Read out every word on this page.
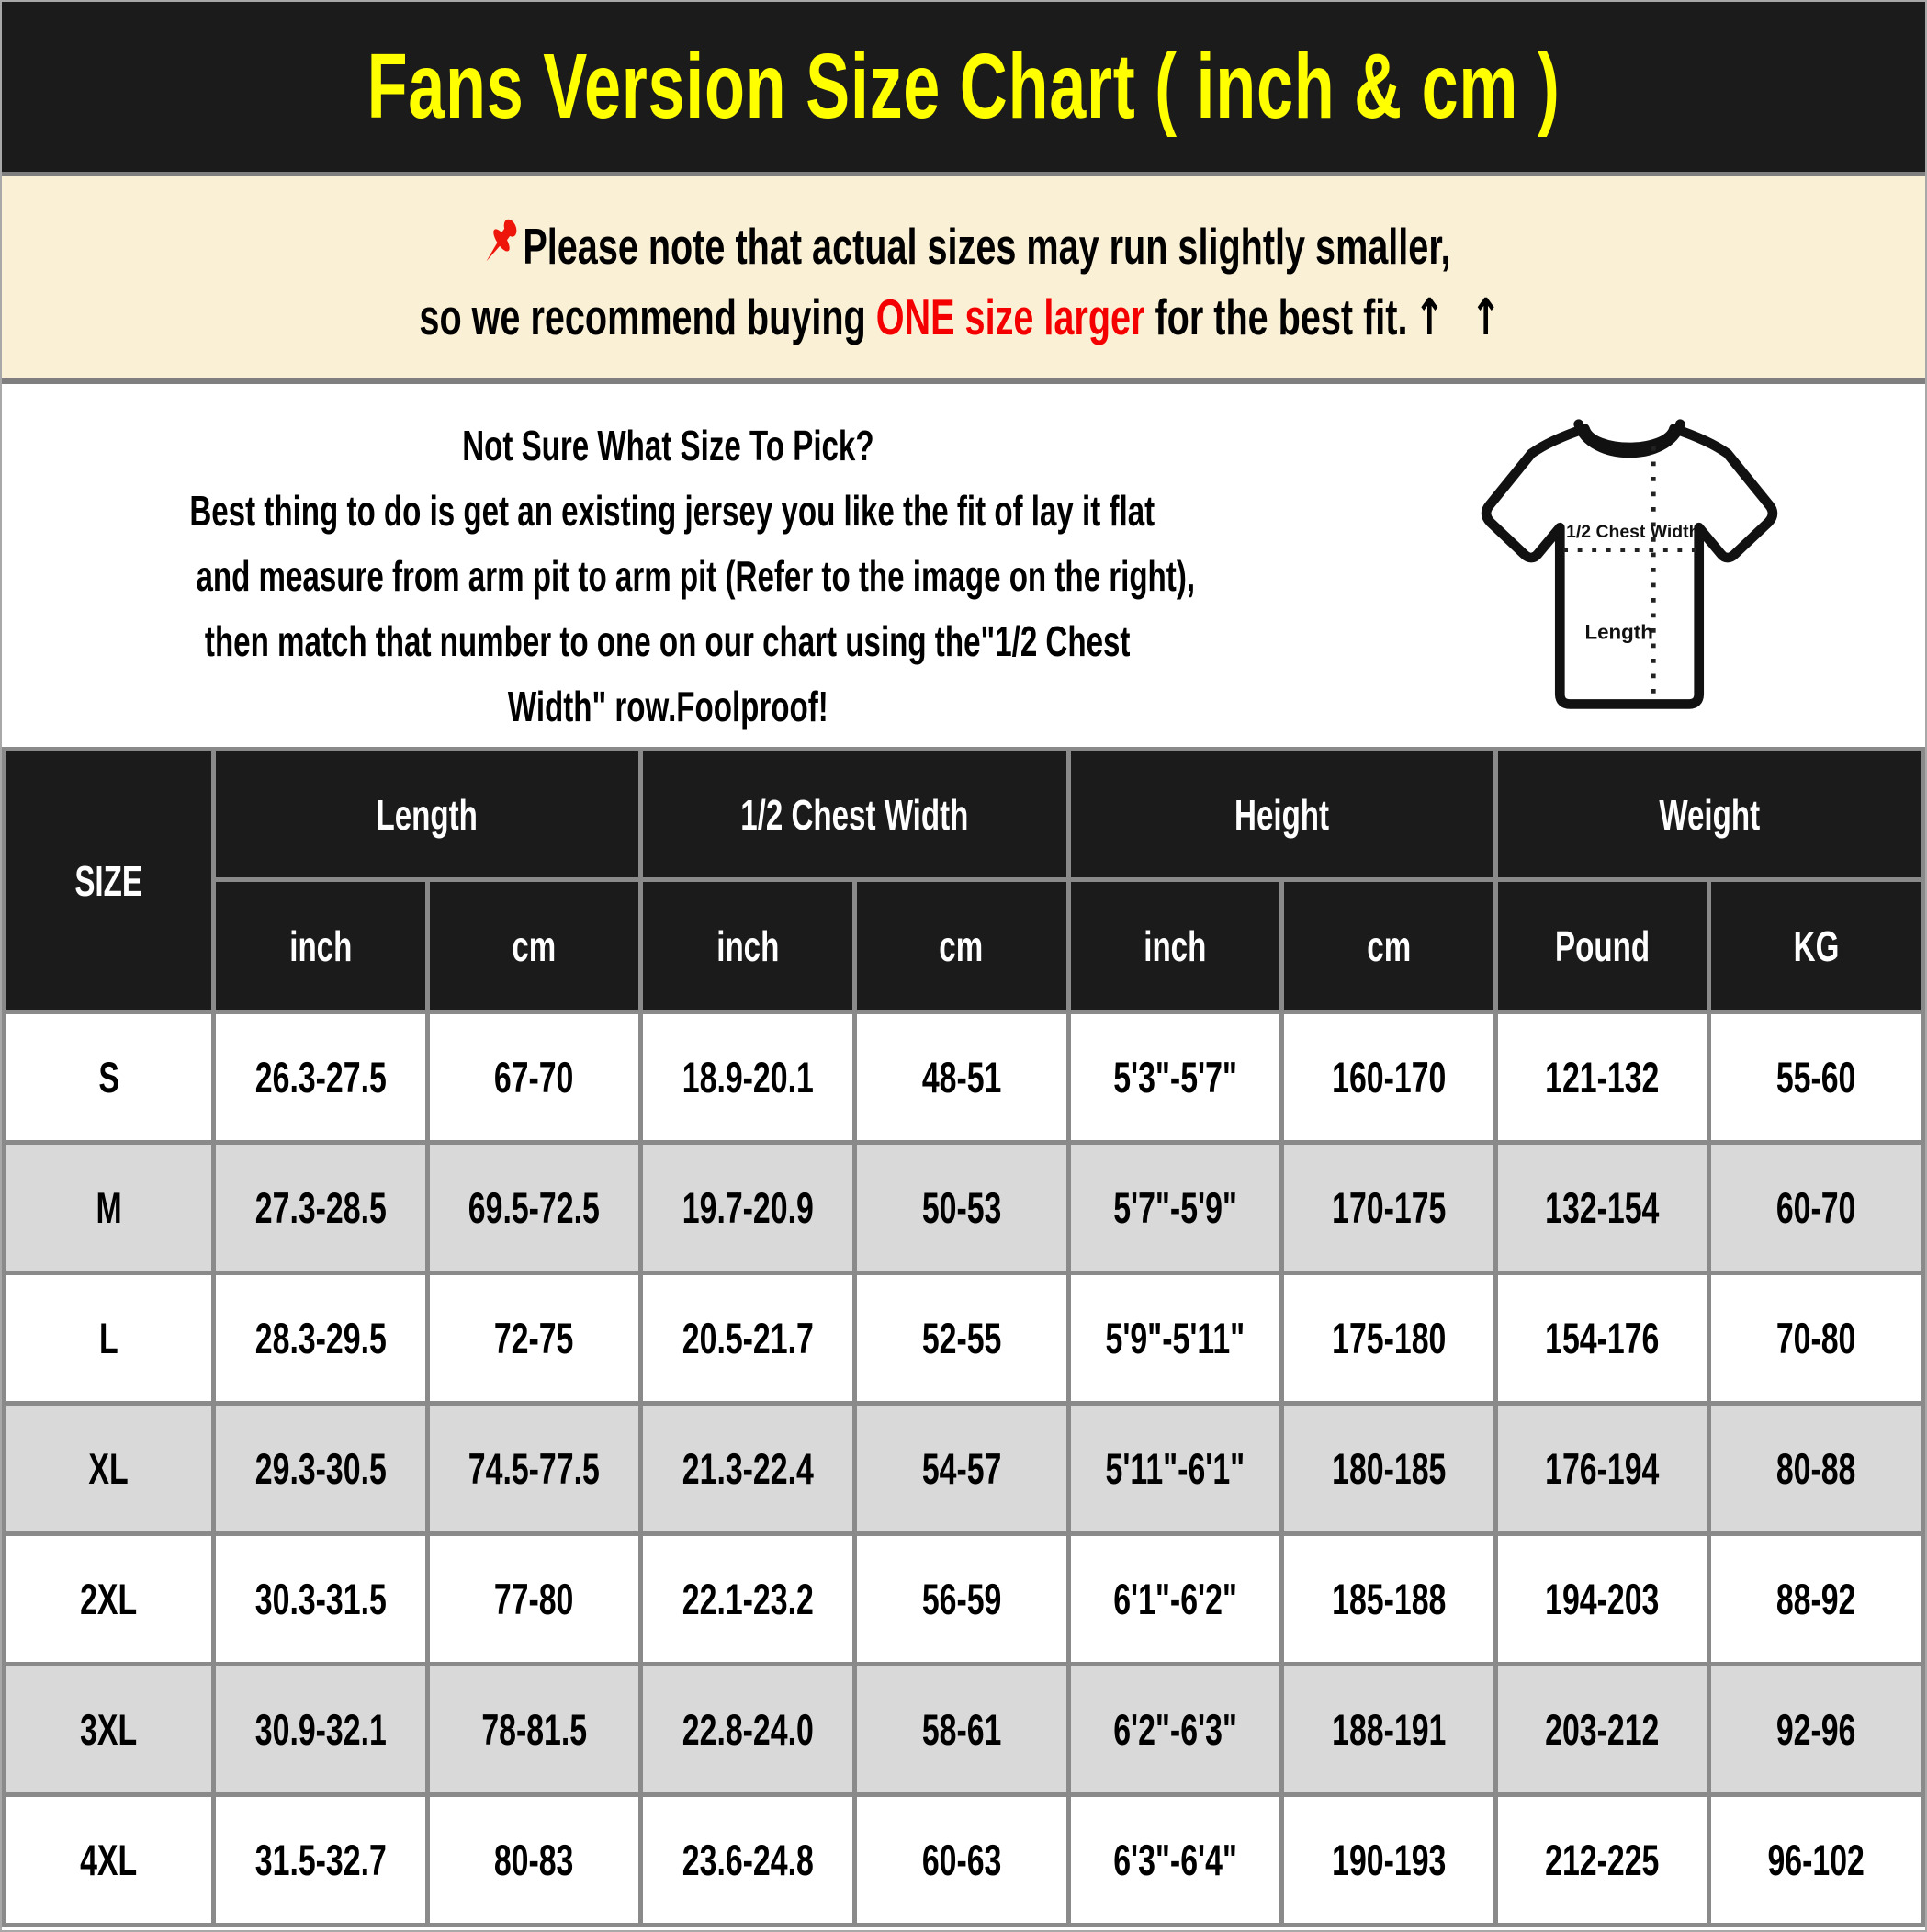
Fans Version Size Chart ( inch & cm )
Please note that actual sizes may run slightly smaller,
so we recommend buying ONE size larger for the best fit. ↑ ↑

Not Sure What Size To Pick?

Best thing to do is get an existing jersey you like the fit of lay it flat

and measure from arm pit to arm pit (Refer to the image on the right),

then match that number to one on our chart using the"1/2 Chest

Width" row.Foolproof!

1/2 Chest Width
Length
SIZE	Length		1/2 Chest Width		Height		Weight	
	inch	cm	inch	cm	inch	cm	Pound	KG
S	26.3-27.5	67-70	18.9-20.1	48-51	5'3"-5'7"	160-170	121-132	55-60
M	27.3-28.5	69.5-72.5	19.7-20.9	50-53	5'7"-5'9"	170-175	132-154	60-70
L	28.3-29.5	72-75	20.5-21.7	52-55	5'9"-5'11"	175-180	154-176	70-80
XL	29.3-30.5	74.5-77.5	21.3-22.4	54-57	5'11"-6'1"	180-185	176-194	80-88
2XL	30.3-31.5	77-80	22.1-23.2	56-59	6'1"-6'2"	185-188	194-203	88-92
3XL	30.9-32.1	78-81.5	22.8-24.0	58-61	6'2"-6'3"	188-191	203-212	92-96
4XL	31.5-32.7	80-83	23.6-24.8	60-63	6'3"-6'4"	190-193	212-225	96-102
